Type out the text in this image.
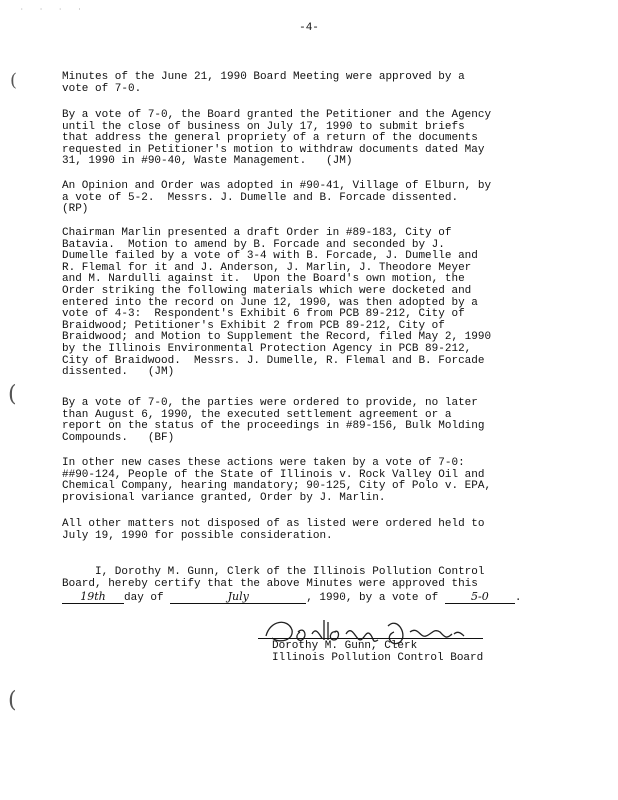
· · · ·
-4-
(
(
(
Minutes of the June 21, 1990 Board Meeting were approved by a
vote of 7-0.
By a vote of 7-0, the Board granted the Petitioner and the Agency
until the close of business on July 17, 1990 to submit briefs
that address the general propriety of a return of the documents
requested in Petitioner's motion to withdraw documents dated May
31, 1990 in #90-40, Waste Management.   (JM)
An Opinion and Order was adopted in #90-41, Village of Elburn, by
a vote of 5-2.  Messrs. J. Dumelle and B. Forcade dissented.
(RP)
Chairman Marlin presented a draft Order in #89-183, City of
Batavia.  Motion to amend by B. Forcade and seconded by J.
Dumelle failed by a vote of 3-4 with B. Forcade, J. Dumelle and
R. Flemal for it and J. Anderson, J. Marlin, J. Theodore Meyer
and M. Nardulli against it.  Upon the Board's own motion, the
Order striking the following materials which were docketed and
entered into the record on June 12, 1990, was then adopted by a
vote of 4-3:  Respondent's Exhibit 6 from PCB 89-212, City of
Braidwood; Petitioner's Exhibit 2 from PCB 89-212, City of
Braidwood; and Motion to Supplement the Record, filed May 2, 1990
by the Illinois Environmental Protection Agency in PCB 89-212,
City of Braidwood.  Messrs. J. Dumelle, R. Flemal and B. Forcade
dissented.   (JM)
By a vote of 7-0, the parties were ordered to provide, no later
than August 6, 1990, the executed settlement agreement or a
report on the status of the proceedings in #89-156, Bulk Molding
Compounds.   (BF)
In other new cases these actions were taken by a vote of 7-0:
##90-124, People of the State of Illinois v. Rock Valley Oil and
Chemical Company, hearing mandatory; 90-125, City of Polo v. EPA,
provisional variance granted, Order by J. Marlin.
All other matters not disposed of as listed were ordered held to
July 19, 1990 for possible consideration.
I, Dorothy M. Gunn, Clerk of the Illinois Pollution Control
Board, hereby certify that the above Minutes were approved this
19th day of	July	, 1990, by a vote of	5-0 .
Dorothy M. Gunn, Clerk
Illinois Pollution Control Board
